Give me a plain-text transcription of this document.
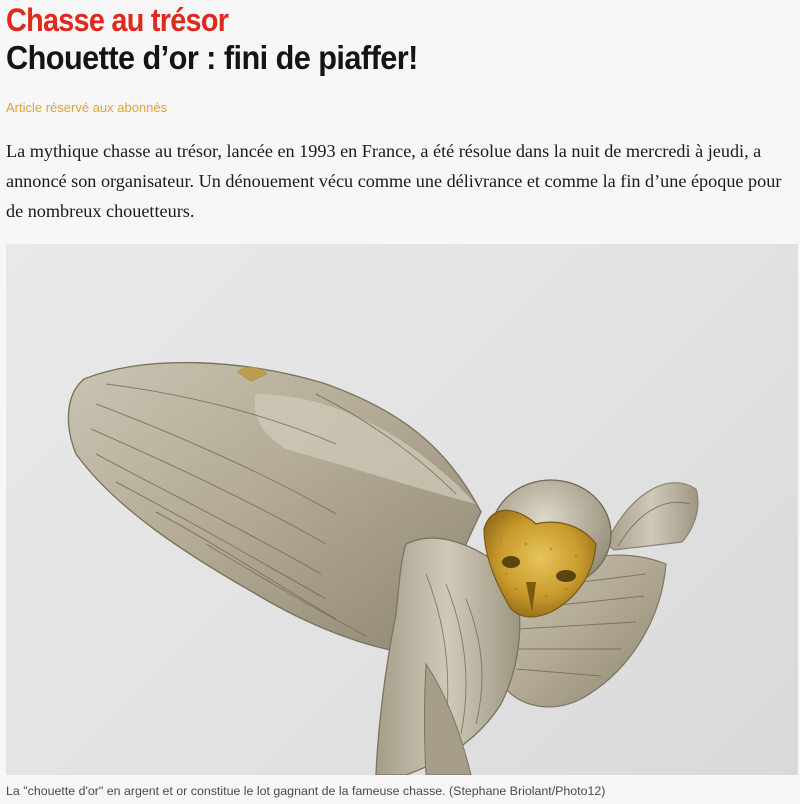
Chasse au trésor
Chouette d’or : fini de piaffer!
Article réservé aux abonnés

La mythique chasse au trésor, lancée en 1993 en France, a été résolue dans la nuit de mercredi à jeudi, a annoncé son organisateur. Un dénouement vécu comme une délivrance et comme la fin d’une époque pour de nombreux chouetteurs.

La "chouette d'or" en argent et or constitue le lot gagnant de la fameuse chasse. (Stephane Briolant/Photo12)
